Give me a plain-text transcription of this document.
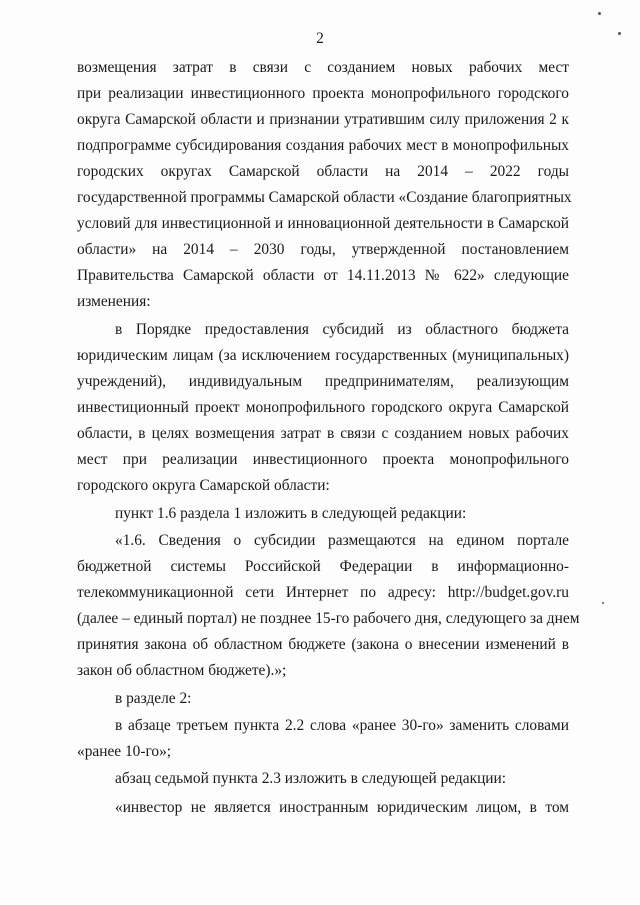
2
возмещения затрат в связи с созданием новых рабочих мест
при реализации инвестиционного проекта монопрофильного городского
округа Самарской области и признании утратившим силу приложения 2 к
подпрограмме субсидирования создания рабочих мест в монопрофильных
городских округах Самарской области на 2014 – 2022 годы
государственной программы Самарской области «Создание благоприятных
условий для инвестиционной и инновационной деятельности в Самарской
области» на 2014 – 2030 годы, утвержденной постановлением
Правительства Самарской области от 14.11.2013 № 622» следующие
изменения:
в Порядке предоставления субсидий из областного бюджета
юридическим лицам (за исключением государственных (муниципальных)
учреждений), индивидуальным предпринимателям, реализующим
инвестиционный проект монопрофильного городского округа Самарской
области, в целях возмещения затрат в связи с созданием новых рабочих
мест при реализации инвестиционного проекта монопрофильного
городского округа Самарской области:
пункт 1.6 раздела 1 изложить в следующей редакции:
«1.6. Сведения о субсидии размещаются на едином портале
бюджетной системы Российской Федерации в информационно-
телекоммуникационной сети Интернет по адресу: http://budget.gov.ru
(далее – единый портал) не позднее 15-го рабочего дня, следующего за днем
принятия закона об областном бюджете (закона о внесении изменений в
закон об областном бюджете).»;
в разделе 2:
в абзаце третьем пункта 2.2 слова «ранее 30-го» заменить словами
«ранее 10-го»;
абзац седьмой пункта 2.3 изложить в следующей редакции:
«инвестор не является иностранным юридическим лицом, в том
